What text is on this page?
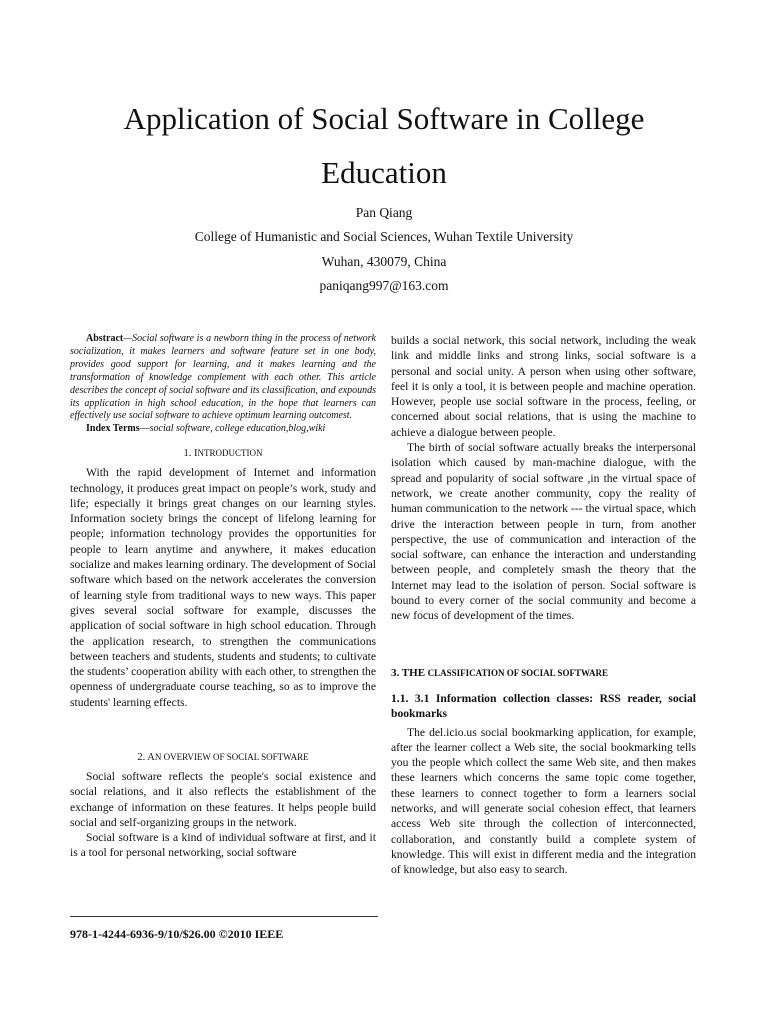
Application of Social Software in College
Education
Pan Qiang
College of Humanistic and Social Sciences, Wuhan Textile University
Wuhan, 430079, China
paniqang997@163.com

Abstract—Social software is a newborn thing in the process of network socialization, it makes learners and software feature set in one body, provides good support for learning, and it makes learning and the transformation of knowledge complement with each other. This article describes the concept of social software and its classification, and expounds its application in high school education, in the hope that learners can effectively use social software to achieve optimum learning outcomest.

Index Terms—social software, college education,blog,wiki

1. INTRODUCTION

With the rapid development of Internet and information technology, it produces great impact on people’s work, study and life; especially it brings great changes on our learning styles. Information society brings the concept of lifelong learning for people; information technology provides the opportunities for people to learn anytime and anywhere, it makes education socialize and makes learning ordinary. The development of Social software which based on the network accelerates the conversion of learning style from traditional ways to new ways. This paper gives several social software for example, discusses the application of social software in high school education. Through the application research, to strengthen the communications between teachers and students, students and students; to cultivate the students’ cooperation ability with each other, to strengthen the openness of undergraduate course teaching, so as to improve the students' learning effects.

2. AN OVERVIEW OF SOCIAL SOFTWARE

Social software reflects the people's social existence and social relations, and it also reflects the establishment of the exchange of information on these features. It helps people build social and self-organizing groups in the network.

Social software is a kind of individual software at first, and it is a tool for personal networking, social software

builds a social network, this social network, including the weak link and middle links and strong links, social software is a personal and social unity. A person when using other software, feel it is only a tool, it is between people and machine operation. However, people use social software in the process, feeling, or concerned about social relations, that is using the machine to achieve a dialogue between people.

The birth of social software actually breaks the interpersonal isolation which caused by man-machine dialogue, with the spread and popularity of social software ,in the virtual space of network, we create another community, copy the reality of human communication to the network --- the virtual space, which drive the interaction between people in turn, from another perspective, the use of communication and interaction of the social software, can enhance the interaction and understanding between people, and completely smash the theory that the Internet may lead to the isolation of person. Social software is bound to every corner of the social community and become a new focus of development of the times.

3. THE CLASSIFICATION OF SOCIAL SOFTWARE

1.1. 3.1 Information collection classes: RSS reader, social bookmarks

The del.icio.us social bookmarking application, for example, after the learner collect a Web site, the social bookmarking tells you the people which collect the same Web site, and then makes these learners which concerns the same topic come together, these learners to connect together to form a learners social networks, and will generate social cohesion effect, that learners access Web site through the collection of interconnected, collaboration, and constantly build a complete system of knowledge. This will exist in different media and the integration of knowledge, but also easy to search.

978-1-4244-6936-9/10/$26.00 ©2010 IEEE
